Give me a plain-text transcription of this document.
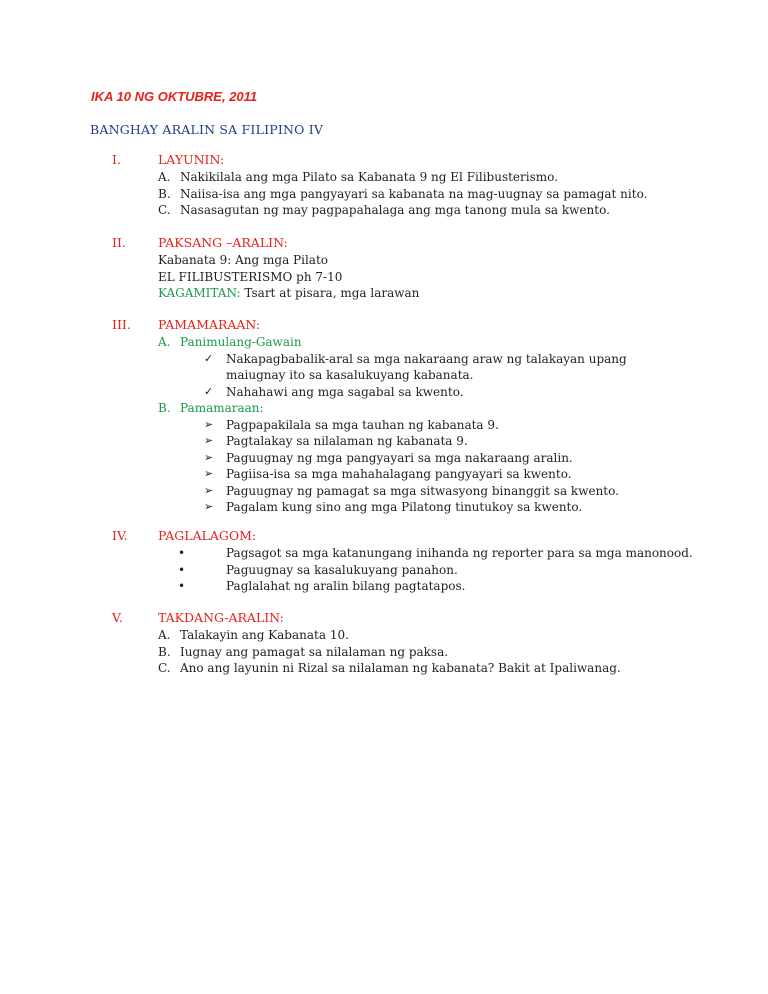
IKA 10 NG OKTUBRE, 2011
BANGHAY ARALIN SA FILIPINO IV
I.	LAYUNIN:
A. Nakikilala ang mga Pilato sa Kabanata 9 ng El Filibusterismo.
B. Naiisa-isa ang mga pangyayari sa kabanata na mag-uugnay sa pamagat nito.
C. Nasasagutan ng may pagpapahalaga ang mga tanong mula sa kwento.
II.	PAKSANG –ARALIN:
Kabanata 9: Ang mga Pilato
EL FILIBUSTERISMO ph 7-10
KAGAMITAN: Tsart at pisara, mga larawan
III. PAMAMARAAN:
A. Panimulang-Gawain
✓ Nakapagbabalik-aral sa mga nakaraang araw ng talakayan upang maiugnay ito sa kasalukuyang kabanata.
✓ Nahahawi ang mga sagabal sa kwento.
B. Pamamaraan:
➢ Pagpapakilala sa mga tauhan ng kabanata 9.
➢ Pagtalakay sa nilalaman ng kabanata 9.
➢ Paguugnay ng mga pangyayari sa mga nakaraang aralin.
➢ Pagiisa-isa sa mga mahahalagang pangyayari sa kwento.
➢ Paguugnay ng pamagat sa mga sitwasyong binanggit sa kwento.
➢ Pagalam kung sino ang mga Pilatong tinutukoy sa kwento.
IV. PAGLALAGOM:
•	Pagsagot sa mga katanungang inihanda ng reporter para sa mga manonood.
•	Paguugnay sa kasalukuyang panahon.
•	Paglalahat ng aralin bilang pagtatapos.
V.	TAKDANG-ARALIN:
A. Talakayin ang Kabanata 10.
B. Iugnay ang pamagat sa nilalaman ng paksa.
C. Ano ang layunin ni Rizal sa nilalaman ng kabanata? Bakit at Ipaliwanag.
